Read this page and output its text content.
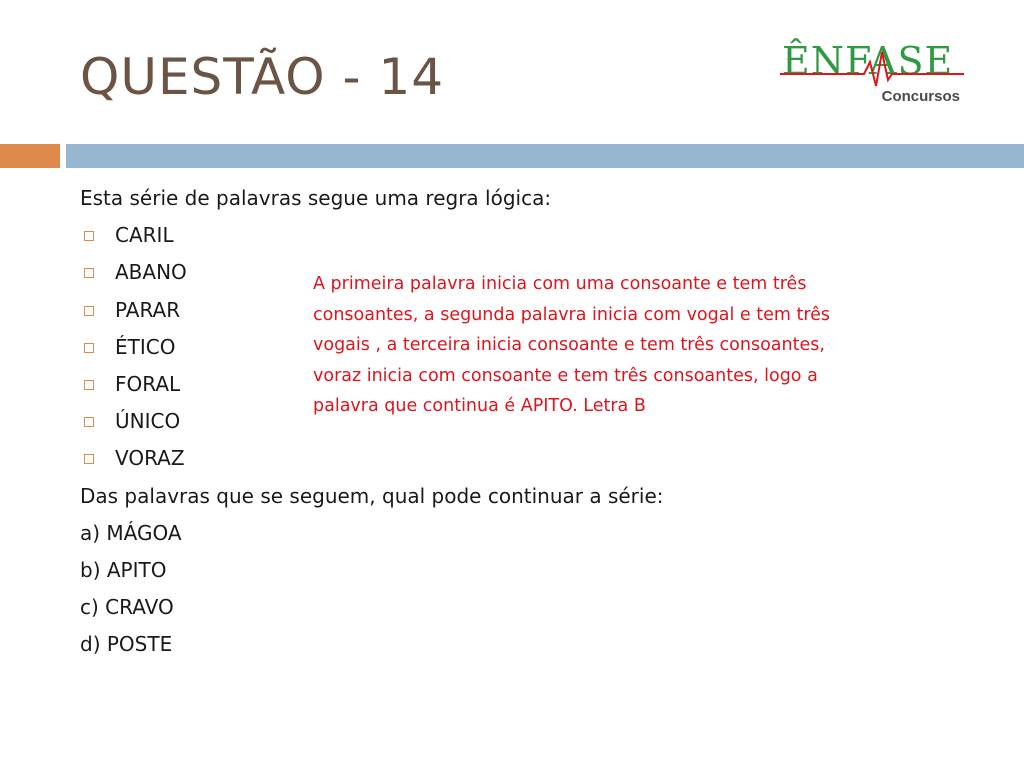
QUESTÃO - 14	ÊNFASE
Concursos

Esta série de palavras segue uma regra lógica:

CARIL
ABANO
PARAR
ÉTICO
FORAL
ÚNICO
VORAZ

Das palavras que se seguem, qual pode continuar a série:

a) MÁGOA

b) APITO

c) CRAVO

d) POSTE

A primeira palavra inicia com uma consoante e tem três
consoantes, a segunda palavra inicia com vogal e tem três
vogais , a terceira inicia consoante e tem três consoantes,
voraz inicia com consoante e tem três consoantes, logo a
palavra que continua é APITO. Letra B
